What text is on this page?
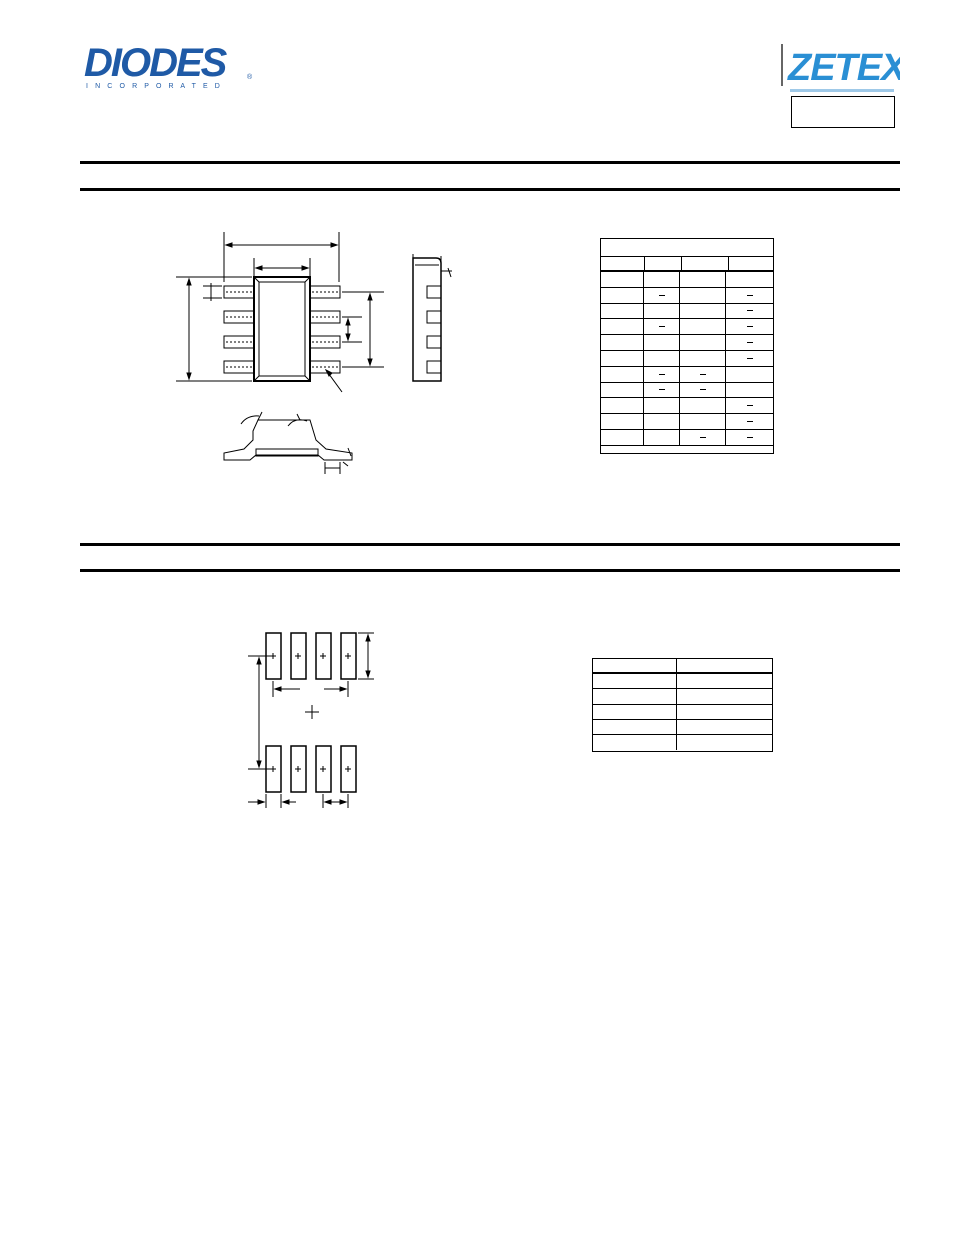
DIODES
I N C O R P O R A T E D
®	ZETEX
